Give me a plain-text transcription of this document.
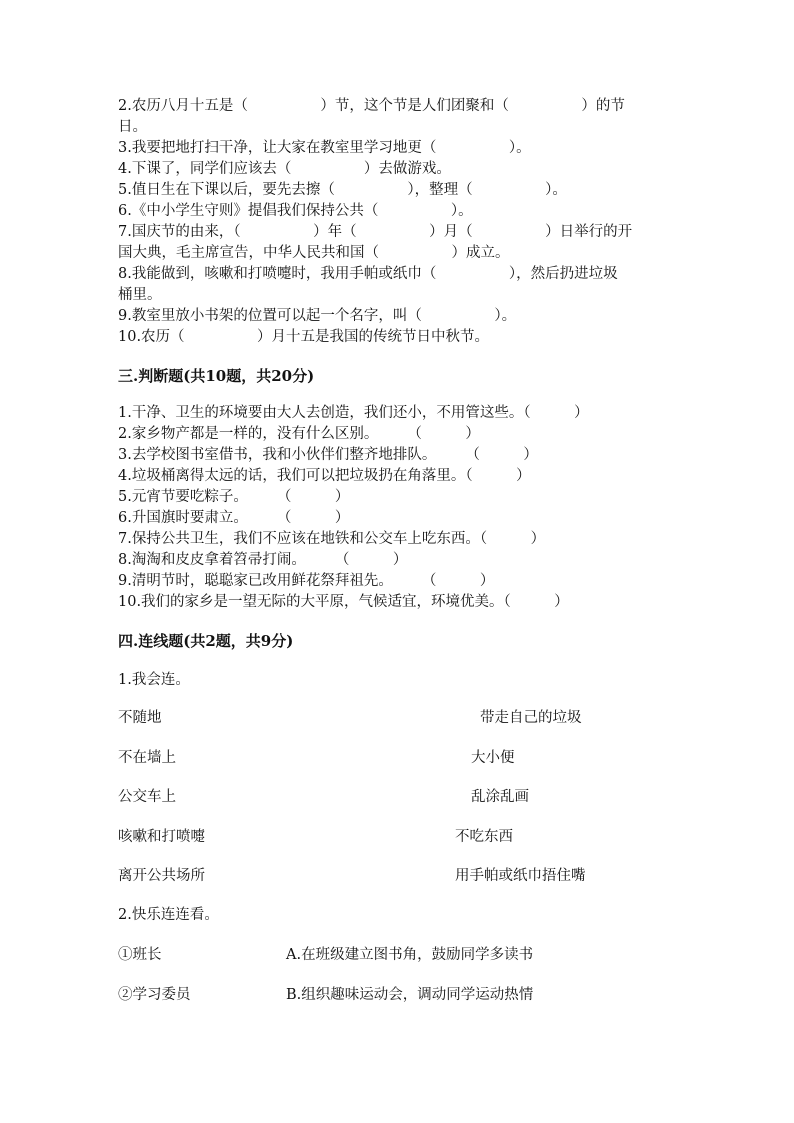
2.农历八月十五是（　　　　　）节，这个节是人们团聚和（　　　　　）的节
日。
3.我要把地打扫干净，让大家在教室里学习地更（　　　　　）。
4.下课了，同学们应该去（　　　　　）去做游戏。
5.值日生在下课以后，要先去擦（　　　　　），整理（　　　　　）。
6.《中小学生守则》提倡我们保持公共（　　　　　）。
7.国庆节的由来，（　　　　　）年（　　　　　）月（　　　　　）日举行的开
国大典，毛主席宣告，中华人民共和国（　　　　　）成立。
8.我能做到，咳嗽和打喷嚏时，我用手帕或纸巾（　　　　　），然后扔进垃圾
桶里。
9.教室里放小书架的位置可以起一个名字，叫（　　　　　）。
10.农历（　　　　　）月十五是我国的传统节日中秋节。
三.判断题(共10题，共20分)
1.干净、卫生的环境要由大人去创造，我们还小，不用管这些。（　　　）
2.家乡物产都是一样的，没有什么区别。　　　（　　　）
3.去学校图书室借书，我和小伙伴们整齐地排队。　　　（　　　）
4.垃圾桶离得太远的话，我们可以把垃圾扔在角落里。（　　　）
5.元宵节要吃粽子。　　　（　　　）
6.升国旗时要肃立。　　　（　　　）
7.保持公共卫生，我们不应该在地铁和公交车上吃东西。（　　　）
8.淘淘和皮皮拿着笤帚打闹。　　　（　　　）
9.清明节时，聪聪家已改用鲜花祭拜祖先。　　　（　　　）
10.我们的家乡是一望无际的大平原，气候适宜，环境优美。（　　　）
四.连线题(共2题，共9分)
1.我会连。
不随地	带走自己的垃圾
不在墙上	大小便
公交车上	乱涂乱画
咳嗽和打喷嚏	不吃东西
离开公共场所	用手帕或纸巾捂住嘴
2.快乐连连看。
①班长	A.在班级建立图书角，鼓励同学多读书
②学习委员	B.组织趣味运动会，调动同学运动热情
